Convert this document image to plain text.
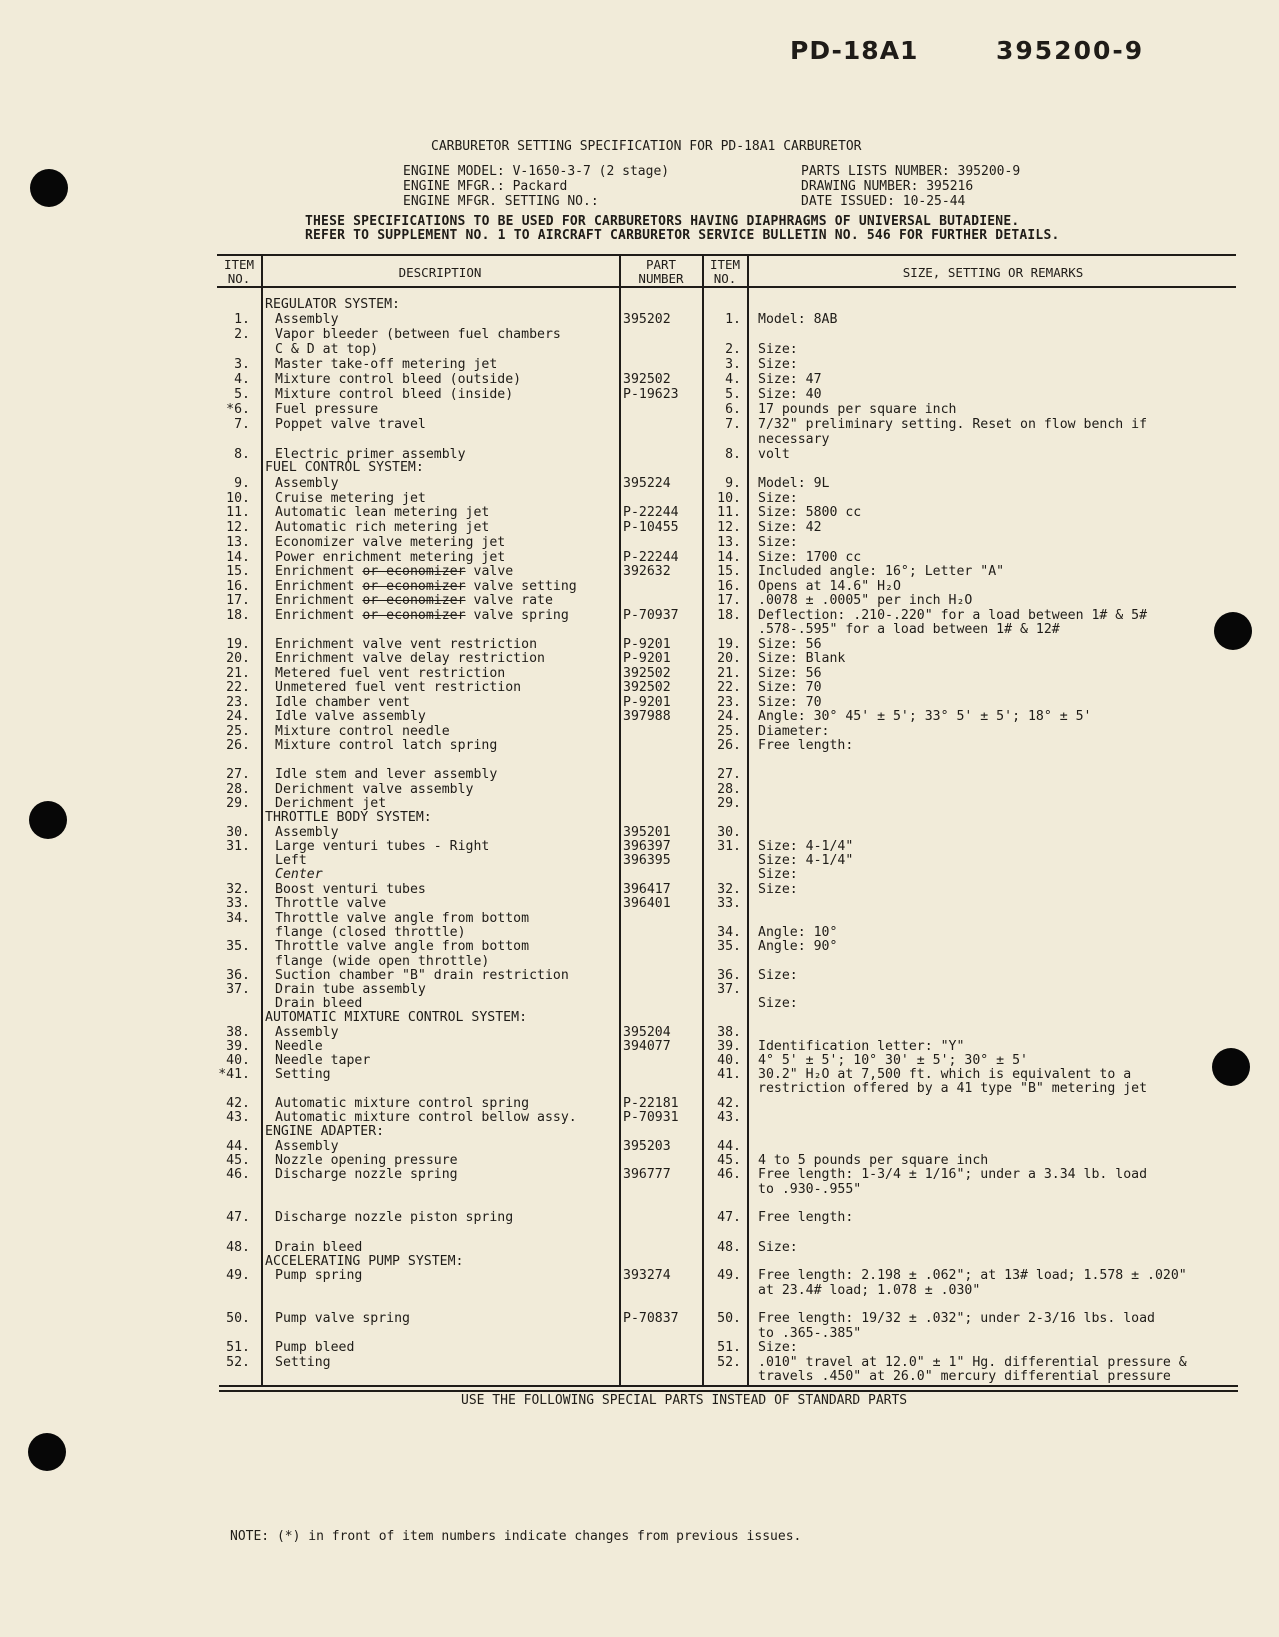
PD-18A1	395200-9
CARBURETOR SETTING SPECIFICATION FOR PD-18A1 CARBURETOR
ENGINE MODEL: V-1650-3-7 (2 stage)
ENGINE MFGR.: Packard
ENGINE MFGR. SETTING NO.:
PARTS LISTS NUMBER: 395200-9
DRAWING NUMBER: 395216
DATE ISSUED: 10-25-44
THESE SPECIFICATIONS TO BE USED FOR CARBURETORS HAVING DIAPHRAGMS OF UNIVERSAL BUTADIENE.
REFER TO SUPPLEMENT NO. 1 TO AIRCRAFT CARBURETOR SERVICE BULLETIN NO. 546 FOR FURTHER DETAILS.
ITEM NO.	DESCRIPTION
PART NUMBER
ITEM NO.	SIZE, SETTING OR REMARKS
REGULATOR SYSTEM:
1. Assembly	395202	1. Model: 8AB
2. Vapor bleeder (between fuel chambers
C & D at top)	2. Size:
3. Master take-off metering jet	3. Size:
4. Mixture control bleed (outside)	392502	4. Size: 47
5. Mixture control bleed (inside)	P-19623	5. Size: 40
*6. Fuel pressure	6. 17 pounds per square inch
7. Poppet valve travel	7. 7/32" preliminary setting. Reset on flow bench if
necessary
8. Electric primer assembly	8. volt
FUEL CONTROL SYSTEM:
9. Assembly	395224	9. Model: 9L
10. Cruise metering jet	10. Size:
11. Automatic lean metering jet	P-22244	11. Size: 5800 cc
12. Automatic rich metering jet	P-10455	12. Size: 42
13. Economizer valve metering jet	13. Size:
14. Power enrichment metering jet	P-22244	14. Size: 1700 cc
15. Enrichment or economizer valve	392632	15. Included angle: 16°; Letter "A"
16. Enrichment or economizer valve setting	16. Opens at 14.6" H₂O
17. Enrichment or economizer valve rate	17. .0078 ± .0005" per inch H₂O
18. Enrichment or economizer valve spring	P-70937	18. Deflection: .210-.220" for a load between 1# & 5#
.578-.595" for a load between 1# & 12#
19. Enrichment valve vent restriction	P-9201	19. Size: 56
20. Enrichment valve delay restriction	P-9201	20. Size: Blank
21. Metered fuel vent restriction	392502	21. Size: 56
22. Unmetered fuel vent restriction	392502	22. Size: 70
23. Idle chamber vent	P-9201	23. Size: 70
24. Idle valve assembly	397988	24. Angle: 30° 45' ± 5'; 33° 5' ± 5'; 18° ± 5'
25. Mixture control needle	25. Diameter:
26. Mixture control latch spring	26. Free length:
27. Idle stem and lever assembly	27.
28. Derichment valve assembly	28.
29. Derichment jet	29.
THROTTLE BODY SYSTEM:
30. Assembly	395201	30.
31. Large venturi tubes - Right	396397	31. Size: 4-1/4"
Left	396395	Size: 4-1/4"
Center	Size:
32. Boost venturi tubes	396417	32. Size:
33. Throttle valve	396401	33.
34. Throttle valve angle from bottom
flange (closed throttle)	34. Angle: 10°
35. Throttle valve angle from bottom	35. Angle: 90°
flange (wide open throttle)
36. Suction chamber "B" drain restriction	36. Size:
37. Drain tube assembly	37.
Drain bleed	Size:
AUTOMATIC MIXTURE CONTROL SYSTEM:
38. Assembly	395204	38.
39. Needle	394077	39. Identification letter: "Y"
40. Needle taper	40. 4° 5' ± 5'; 10° 30' ± 5'; 30° ± 5'
*41. Setting	41. 30.2" H₂O at 7,500 ft. which is equivalent to a
restriction offered by a 41 type "B" metering jet
42. Automatic mixture control spring	P-22181	42.
43. Automatic mixture control bellow assy.	P-70931	43.
ENGINE ADAPTER:
44. Assembly	395203	44.
45. Nozzle opening pressure	45. 4 to 5 pounds per square inch
46. Discharge nozzle spring	396777	46. Free length: 1-3/4 ± 1/16"; under a 3.34 lb. load
to .930-.955"
47. Discharge nozzle piston spring	47. Free length:
48. Drain bleed	48. Size:
ACCELERATING PUMP SYSTEM:
49. Pump spring	393274	49. Free length: 2.198 ± .062"; at 13# load; 1.578 ± .020"
at 23.4# load; 1.078 ± .030"
50. Pump valve spring	P-70837	50. Free length: 19/32 ± .032"; under 2-3/16 lbs. load
to .365-.385"
51. Pump bleed	51. Size:
52. Setting	52. .010" travel at 12.0" ± 1" Hg. differential pressure &
travels .450" at 26.0" mercury differential pressure
USE THE FOLLOWING SPECIAL PARTS INSTEAD OF STANDARD PARTS
NOTE: (*) in front of item numbers indicate changes from previous issues.
